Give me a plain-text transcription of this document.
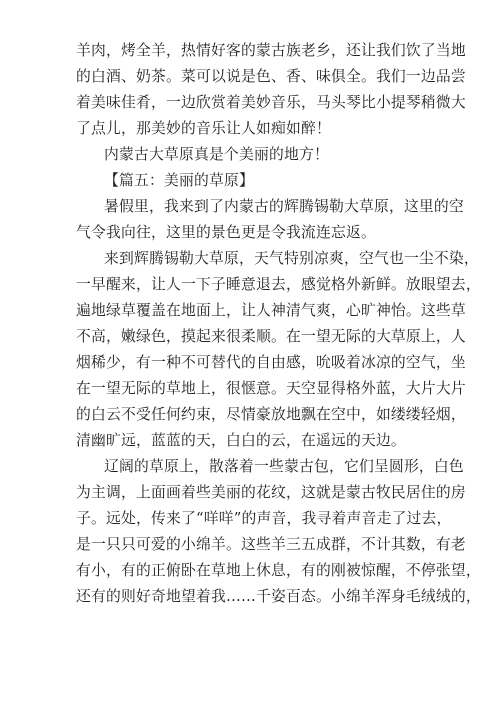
羊肉，烤全羊，热情好客的蒙古族老乡，还让我们饮了当地
的白酒、奶茶。菜可以说是色、香、味俱全。我们一边品尝
着美味佳肴，一边欣赏着美妙音乐，马头琴比小提琴稍微大
了点儿，那美妙的音乐让人如痴如醉！
内蒙古大草原真是个美丽的地方！
【篇五：美丽的草原】
暑假里，我来到了内蒙古的辉腾锡勒大草原，这里的空
气令我向往，这里的景色更是令我流连忘返。
来到辉腾锡勒大草原，天气特别凉爽，空气也一尘不染，
一早醒来，让人一下子睡意退去，感觉格外新鲜。放眼望去，
遍地绿草覆盖在地面上，让人神清气爽，心旷神怡。这些草
不高，嫩绿色，摸起来很柔顺。在一望无际的大草原上，人
烟稀少，有一种不可替代的自由感，吮吸着冰凉的空气，坐
在一望无际的草地上，很惬意。天空显得格外蓝，大片大片
的白云不受任何约束，尽情豪放地飘在空中，如缕缕轻烟，
清幽旷远，蓝蓝的天，白白的云，在遥远的天边。
辽阔的草原上，散落着一些蒙古包，它们呈圆形，白色
为主调，上面画着些美丽的花纹，这就是蒙古牧民居住的房
子。远处，传来了“咩咩”的声音，我寻着声音走了过去，
是一只只可爱的小绵羊。这些羊三五成群，不计其数，有老
有小，有的正俯卧在草地上休息，有的刚被惊醒，不停张望，
还有的则好奇地望着我……千姿百态。小绵羊浑身毛绒绒的，
